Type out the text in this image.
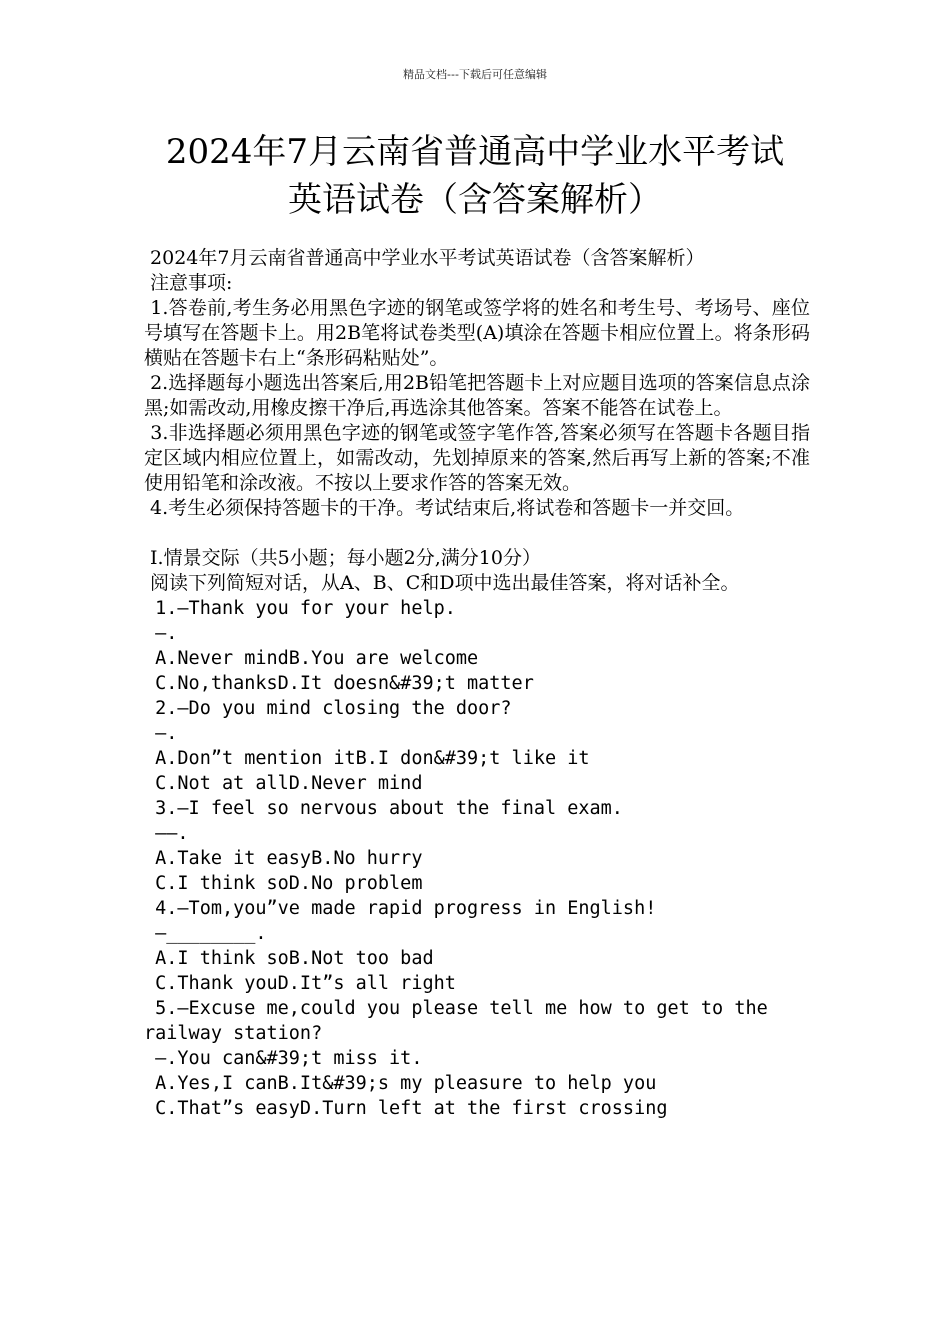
精品文档---下载后可任意编辑
2024年7月云南省普通高中学业水平考试
英语试卷（含答案解析）

2024年7月云南省普通高中学业水平考试英语试卷（含答案解析）

注意事项:

1.答卷前,考生务必用黑色字迹的钢笔或签学将的姓名和考生号、考场号、座位号填写在答题卡上。用2B笔将试卷类型(A)填涂在答题卡相应位置上。将条形码横贴在答题卡右上“条形码粘贴处”。

2.选择题每小题选出答案后,用2B铅笔把答题卡上对应题目选项的答案信息点涂黑;如需改动,用橡皮擦干净后,再选涂其他答案。答案不能答在试卷上。

3.非选择题必须用黑色字迹的钢笔或签字笔作答,答案必须写在答题卡各题目指定区域内相应位置上，如需改动，先划掉原来的答案,然后再写上新的答案;不准使用铅笔和涂改液。不按以上要求作答的答案无效。

4.考生必须保持答题卡的干净。考试结束后,将试卷和答题卡一并交回。

I.情景交际（共5小题；每小题2分,满分10分）

阅读下列简短对话，从A、B、C和D项中选出最佳答案，将对话补全。

1.—Thank you for your help.

—.

A.Never mindB.You are welcome

C.No,thanksD.It doesn&#39;t matter

2.—Do you mind closing the door?

—.

A.Don”t mention itB.I don&#39;t like it

C.Not at allD.Never mind

3.—I feel so nervous about the final exam.

——.

A.Take it easyB.No hurry

C.I think soD.No problem

4.—Tom,you”ve made rapid progress in English!

—________.

A.I think soB.Not too bad

C.Thank youD.It”s all right

5.—Excuse me,could you please tell me how to get to the railway station?

—.You can&#39;t miss it.

A.Yes,I canB.It&#39;s my pleasure to help you

C.That”s easyD.Turn left at the first crossing
